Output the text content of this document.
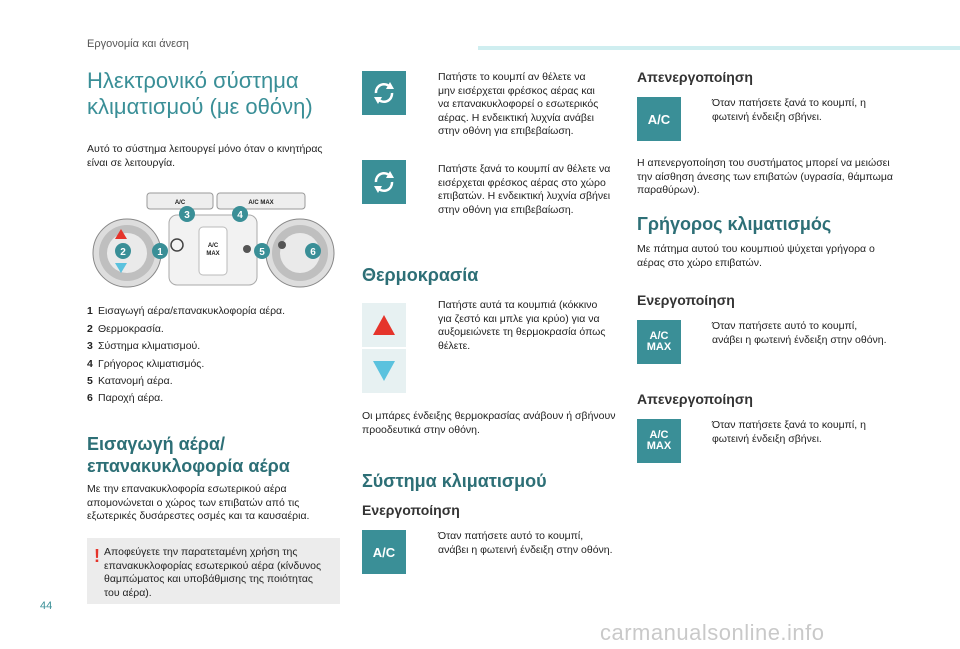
Εργονομία και άνεση
Ηλεκτρονικό σύστημα
κλιματισμού (με οθόνη)
Αυτό το σύστημα λειτουργεί μόνο όταν ο κινητήρας
είναι σε λειτουργία.
A/C	A/C MAX
A/C
MAX
1
2
3	4
5	6
1 Εισαγωγή αέρα/επανακυκλοφορία αέρα.
2 Θερμοκρασία.
3 Σύστημα κλιματισμού.
4 Γρήγορος κλιματισμός.
5 Κατανομή αέρα.
6 Παροχή αέρα.
Εισαγωγή αέρα/
επανακυκλοφορία αέρα
Με την επανακυκλοφορία εσωτερικού αέρα
απομονώνεται ο χώρος των επιβατών από τις
εξωτερικές δυσάρεστες οσμές και τα καυσαέρια.
! Αποφεύγετε την παρατεταμένη χρήση της
επανακυκλοφορίας εσωτερικού αέρα (κίνδυνος
θαμπώματος και υποβάθμισης της ποιότητας
του αέρα).
Πατήστε το κουμπί αν θέλετε να
μην εισέρχεται φρέσκος αέρας και
να επανακυκλοφορεί ο εσωτερικός
αέρας. Η ενδεικτική λυχνία ανάβει
στην οθόνη για επιβεβαίωση.
Πατήστε ξανά το κουμπί αν θέλετε να
εισέρχεται φρέσκος αέρας στο χώρο
επιβατών. Η ενδεικτική λυχνία σβήνει
στην οθόνη για επιβεβαίωση.
Θερμοκρασία
Πατήστε αυτά τα κουμπιά (κόκκινο
για ζεστό και μπλε για κρύο) για να
αυξομειώνετε τη θερμοκρασία όπως
θέλετε.
Οι μπάρες ένδειξης θερμοκρασίας ανάβουν ή σβήνουν
προοδευτικά στην οθόνη.
Σύστημα κλιματισμού
Ενεργοποίηση
A/C
Όταν πατήσετε αυτό το κουμπί,
ανάβει η φωτεινή ένδειξη στην οθόνη.
Απενεργοποίηση
A/C
Όταν πατήσετε ξανά το κουμπί, η
φωτεινή ένδειξη σβήνει.
Η απενεργοποίηση του συστήματος μπορεί να μειώσει
την αίσθηση άνεσης των επιβατών (υγρασία, θάμπωμα
παραθύρων).
Γρήγορος κλιματισμός
Με πάτημα αυτού του κουμπιού ψύχεται γρήγορα ο
αέρας στο χώρο επιβατών.
Ενεργοποίηση
A/C
MAX
Όταν πατήσετε αυτό το κουμπί,
ανάβει η φωτεινή ένδειξη στην οθόνη.
Απενεργοποίηση
A/C
MAX
Όταν πατήσετε ξανά το κουμπί, η
φωτεινή ένδειξη σβήνει.
44
carmanualsonline.info
